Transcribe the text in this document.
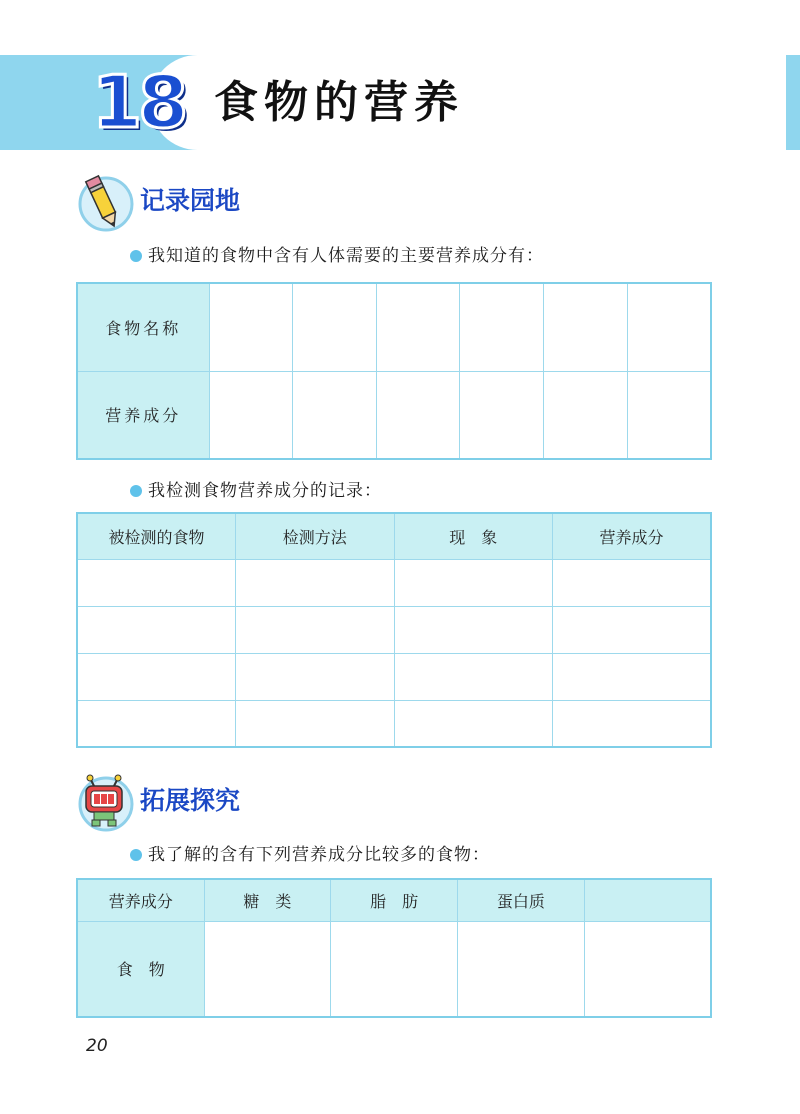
18 食物的营养
记录园地
我知道的食物中含有人体需要的主要营养成分有：
食物名称						
营养成分						
我检测食物营养成分的记录：
被检测的食物	检测方法	现　象	营养成分

拓展探究
我了解的含有下列营养成分比较多的食物：
营养成分	糖　类	脂　肪	蛋白质	
食　物				
20
